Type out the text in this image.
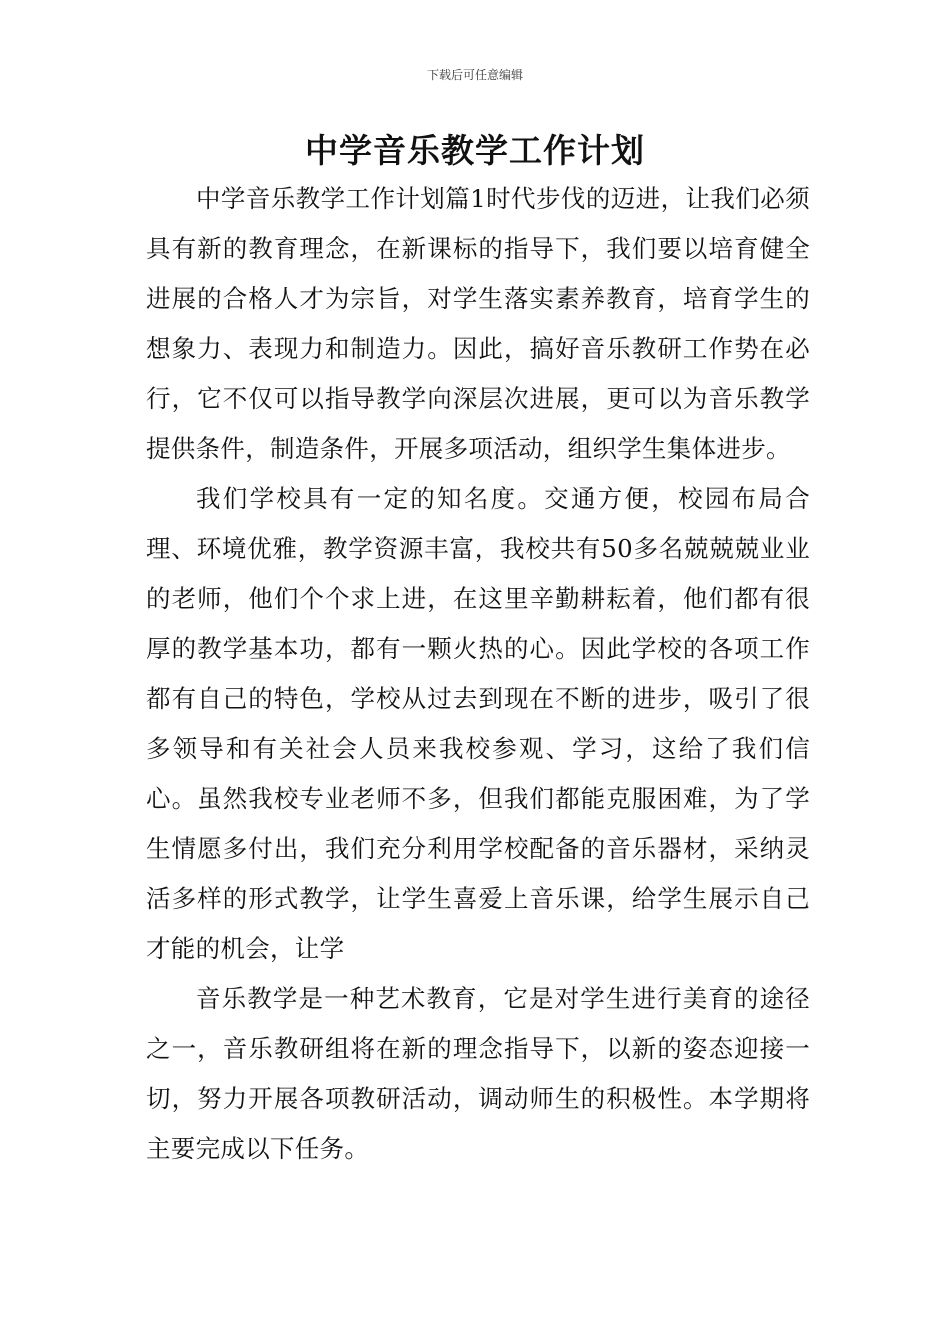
下载后可任意编辑
中学音乐教学工作计划

中学音乐教学工作计划篇1时代步伐的迈进，让我们必须具有新的教育理念，在新课标的指导下，我们要以培育健全进展的合格人才为宗旨，对学生落实素养教育，培育学生的想象力、表现力和制造力。因此，搞好音乐教研工作势在必行，它不仅可以指导教学向深层次进展，更可以为音乐教学提供条件，制造条件，开展多项活动，组织学生集体进步。

我们学校具有一定的知名度。交通方便，校园布局合理、环境优雅，教学资源丰富，我校共有50多名兢兢兢业业的老师，他们个个求上进，在这里辛勤耕耘着，他们都有很厚的教学基本功，都有一颗火热的心。因此学校的各项工作都有自己的特色，学校从过去到现在不断的进步，吸引了很多领导和有关社会人员来我校参观、学习，这给了我们信心。虽然我校专业老师不多，但我们都能克服困难，为了学生情愿多付出，我们充分利用学校配备的音乐器材，采纳灵活多样的形式教学，让学生喜爱上音乐课，给学生展示自己才能的机会，让学

音乐教学是一种艺术教育，它是对学生进行美育的途径之一，音乐教研组将在新的理念指导下，以新的姿态迎接一切，努力开展各项教研活动，调动师生的积极性。本学期将主要完成以下任务。
